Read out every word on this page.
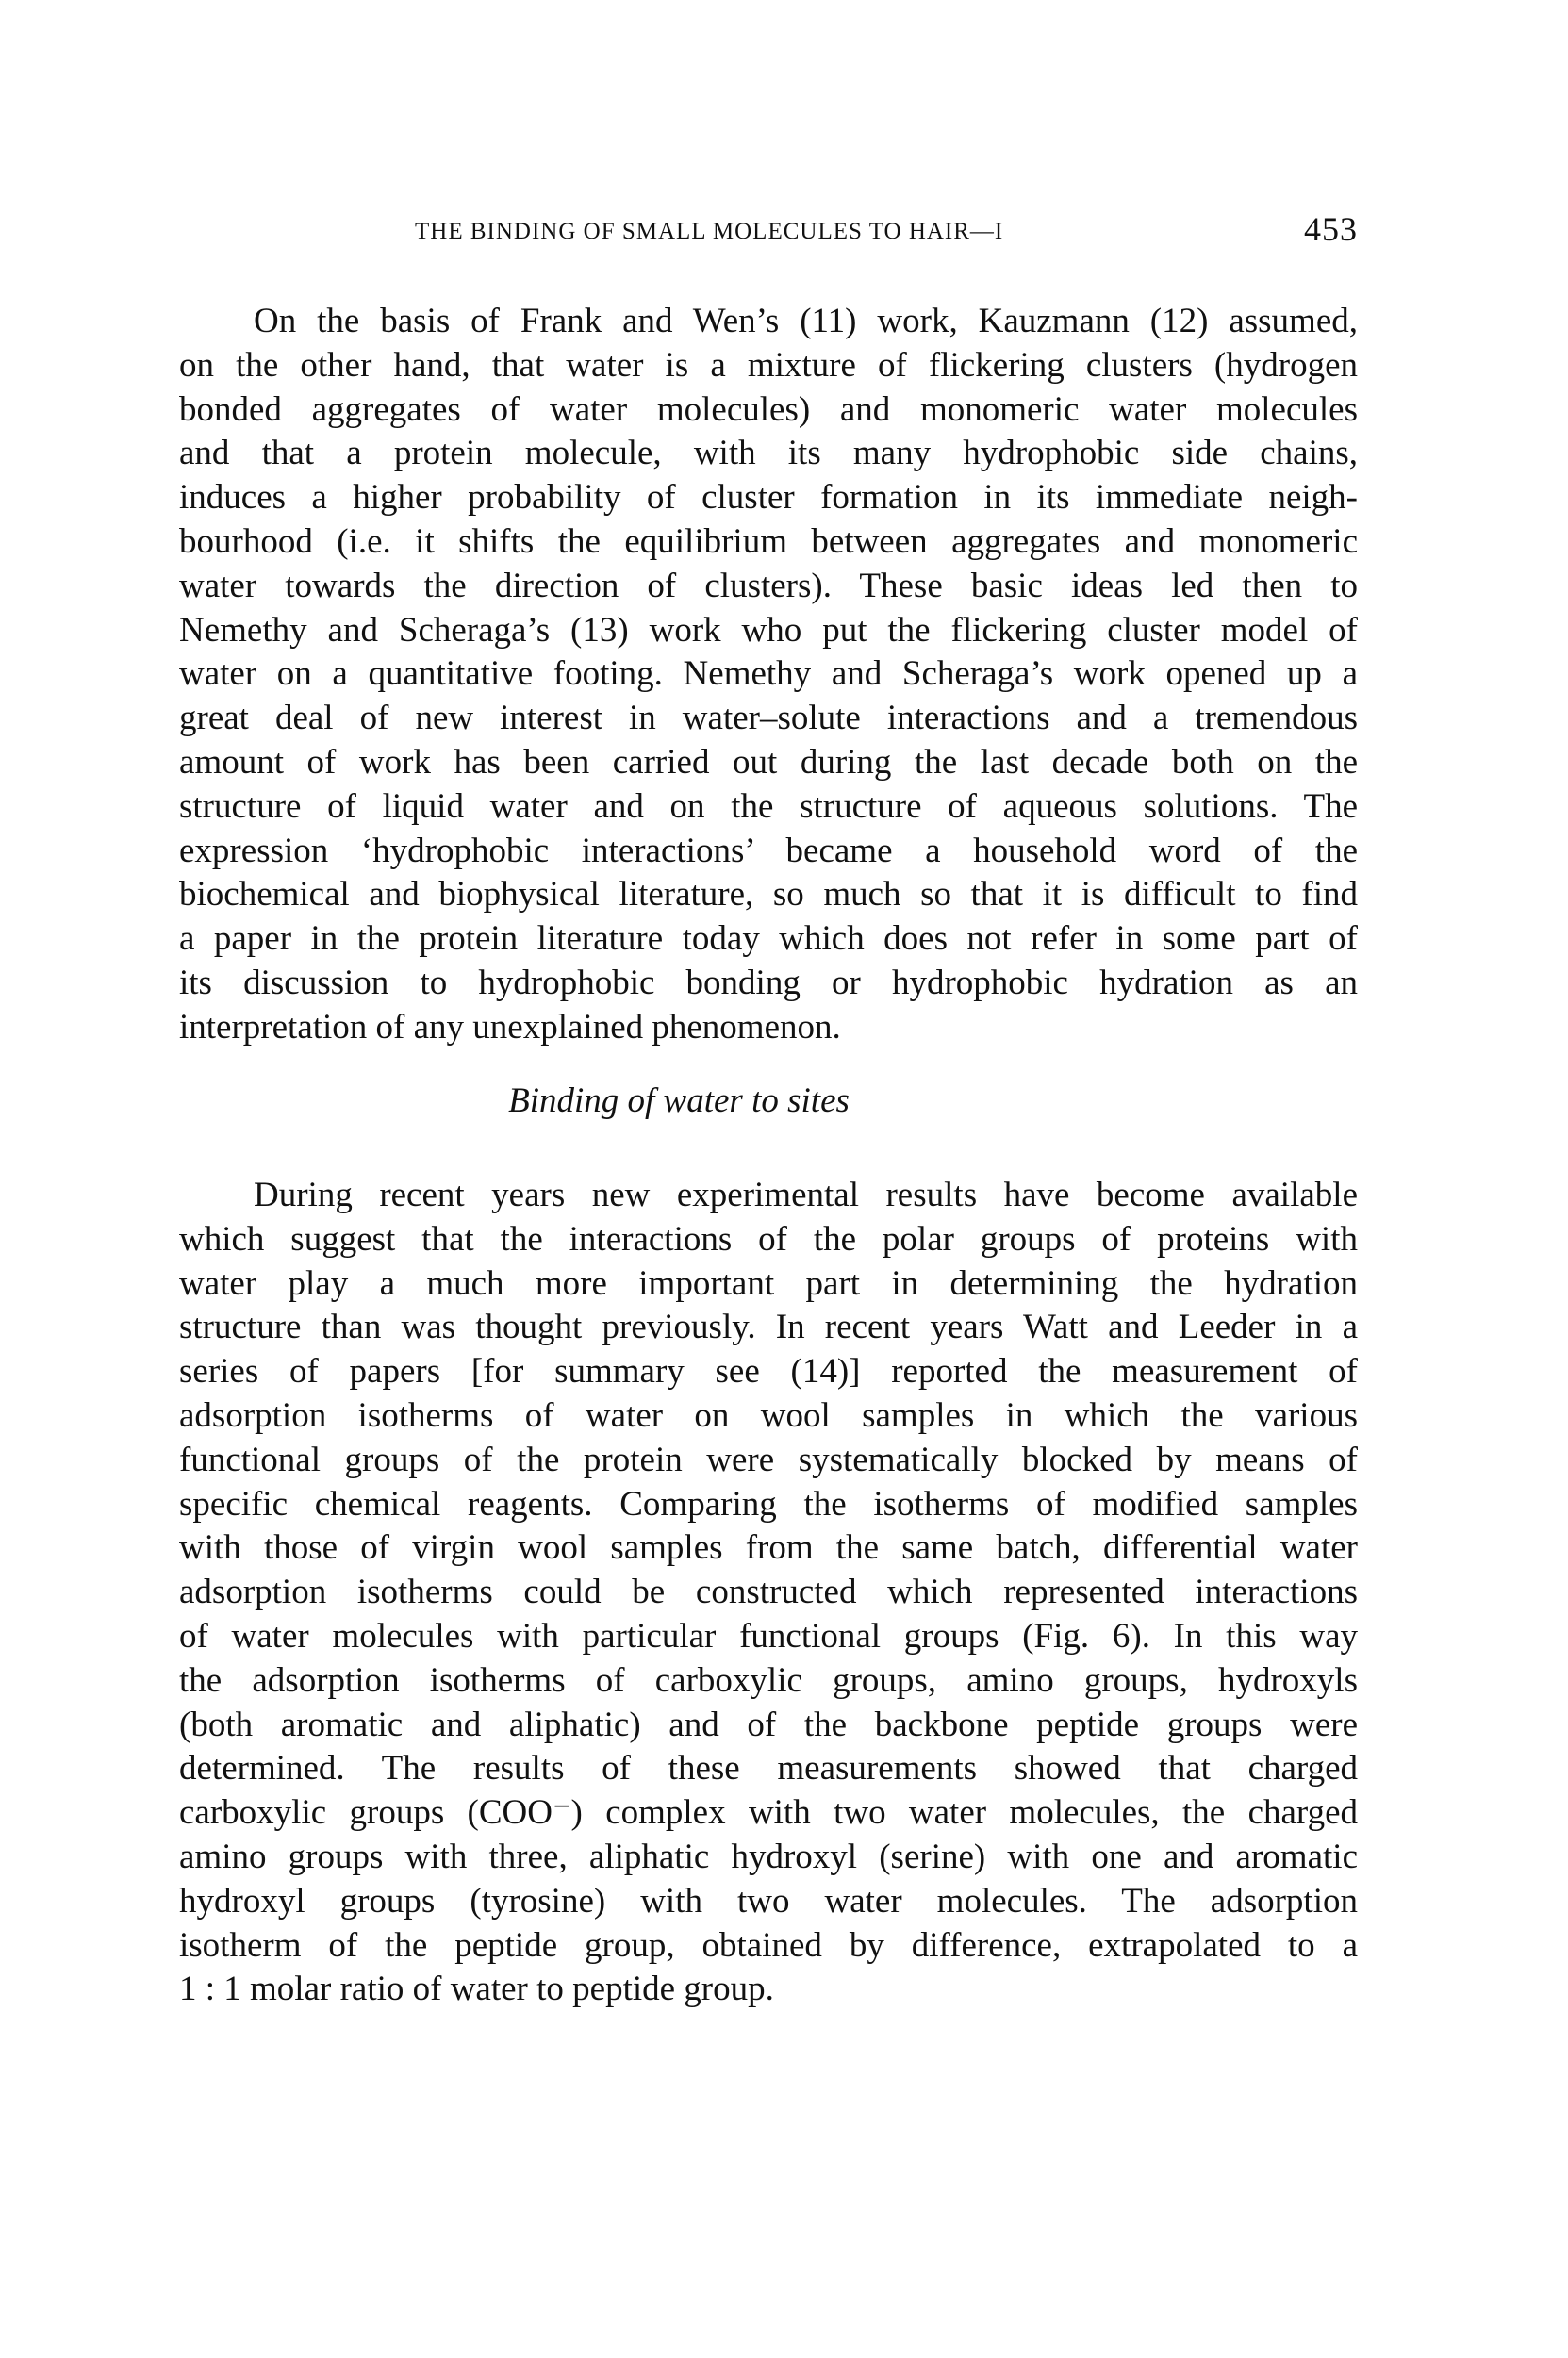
THE BINDING OF SMALL MOLECULES TO HAIR—I	453
On the basis of Frank and Wen’s (11) work, Kauzmann (12) assumed,
on the other hand, that water is a mixture of flickering clusters (hydrogen
bonded aggregates of water molecules) and monomeric water molecules
and that a protein molecule, with its many hydrophobic side chains,
induces a higher probability of cluster formation in its immediate neigh-
bourhood (i.e. it shifts the equilibrium between aggregates and monomeric
water towards the direction of clusters). These basic ideas led then to
Nemethy and Scheraga’s (13) work who put the flickering cluster model of
water on a quantitative footing. Nemethy and Scheraga’s work opened up a
great deal of new interest in water–solute interactions and a tremendous
amount of work has been carried out during the last decade both on the
structure of liquid water and on the structure of aqueous solutions. The
expression ‘hydrophobic interactions’ became a household word of the
biochemical and biophysical literature, so much so that it is difficult to find
a paper in the protein literature today which does not refer in some part of
its discussion to hydrophobic bonding or hydrophobic hydration as an
interpretation of any unexplained phenomenon.
Binding of water to sites
During recent years new experimental results have become available
which suggest that the interactions of the polar groups of proteins with
water play a much more important part in determining the hydration
structure than was thought previously. In recent years Watt and Leeder in a
series of papers [for summary see (14)] reported the measurement of
adsorption isotherms of water on wool samples in which the various
functional groups of the protein were systematically blocked by means of
specific chemical reagents. Comparing the isotherms of modified samples
with those of virgin wool samples from the same batch, differential water
adsorption isotherms could be constructed which represented interactions
of water molecules with particular functional groups (Fig. 6). In this way
the adsorption isotherms of carboxylic groups, amino groups, hydroxyls
(both aromatic and aliphatic) and of the backbone peptide groups were
determined. The results of these measurements showed that charged
carboxylic groups (COO⁻) complex with two water molecules, the charged
amino groups with three, aliphatic hydroxyl (serine) with one and aromatic
hydroxyl groups (tyrosine) with two water molecules. The adsorption
isotherm of the peptide group, obtained by difference, extrapolated to a
1 : 1 molar ratio of water to peptide group.
